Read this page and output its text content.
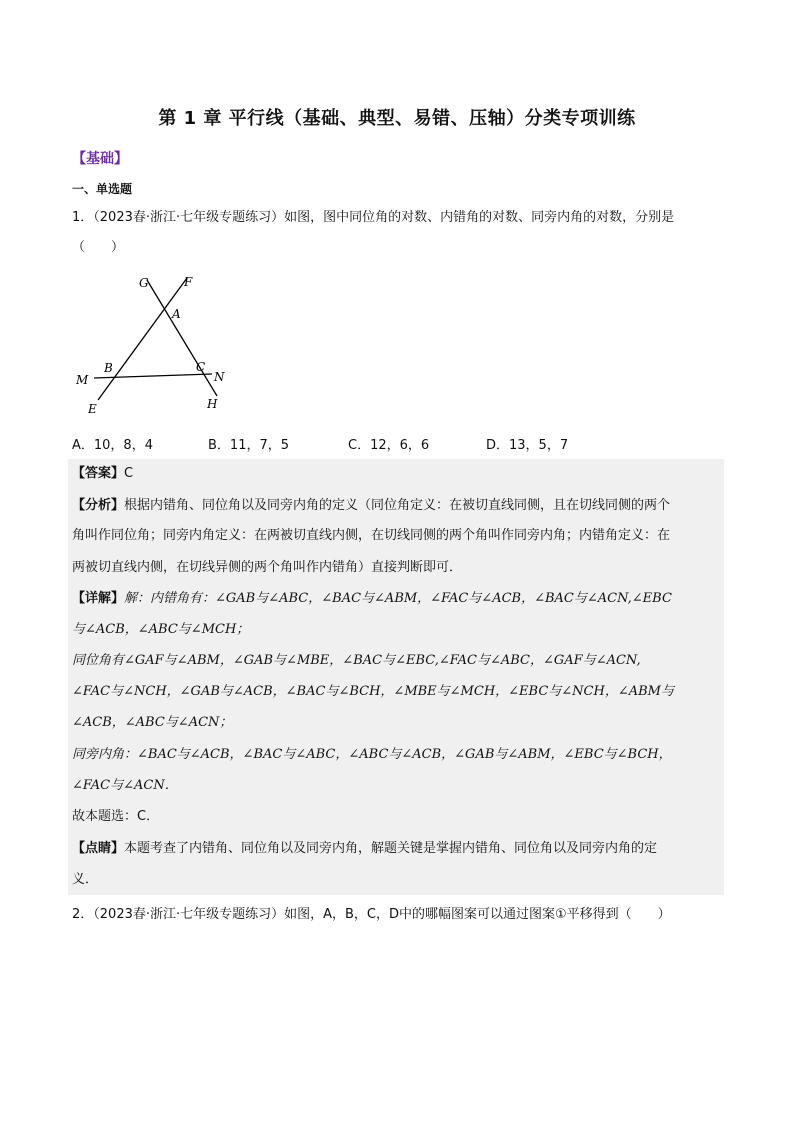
第 1 章 平行线（基础、典型、易错、压轴）分类专项训练
【基础】
一、单选题
1．（2023春·浙江·七年级专题练习）如图，图中同位角的对数、内错角的对数、同旁内角的对数，分别是
（　　）
G	F
A
B	C
M	N
E	H
A．10，8，4	B．11，7，5	C．12，6，6	D．13，5，7
【答案】C
【分析】根据内错角、同位角以及同旁内角的定义（同位角定义：在被切直线同侧，且在切线同侧的两个
角叫作同位角；同旁内角定义：在两被切直线内侧，在切线同侧的两个角叫作同旁内角；内错角定义：在
两被切直线内侧，在切线异侧的两个角叫作内错角）直接判断即可．
【详解】解：内错角有：∠GAB与∠ABC，∠BAC与∠ABM，∠FAC与∠ACB，∠BAC与∠ACN,∠EBC
与∠ACB，∠ABC与∠MCH；
同位角有∠GAF与∠ABM，∠GAB与∠MBE，∠BAC与∠EBC,∠FAC与∠ABC，∠GAF与∠ACN,
∠FAC与∠NCH，∠GAB与∠ACB，∠BAC与∠BCH，∠MBE与∠MCH，∠EBC与∠NCH，∠ABM与
∠ACB，∠ABC与∠ACN；
同旁内角：∠BAC与∠ACB，∠BAC与∠ABC，∠ABC与∠ACB，∠GAB与∠ABM，∠EBC与∠BCH，
∠FAC与∠ACN．
故本题选：C．
【点睛】本题考查了内错角、同位角以及同旁内角，解题关键是掌握内错角、同位角以及同旁内角的定
义．
2．（2023春·浙江·七年级专题练习）如图，A，B，C，D中的哪幅图案可以通过图案①平移得到（　　）
